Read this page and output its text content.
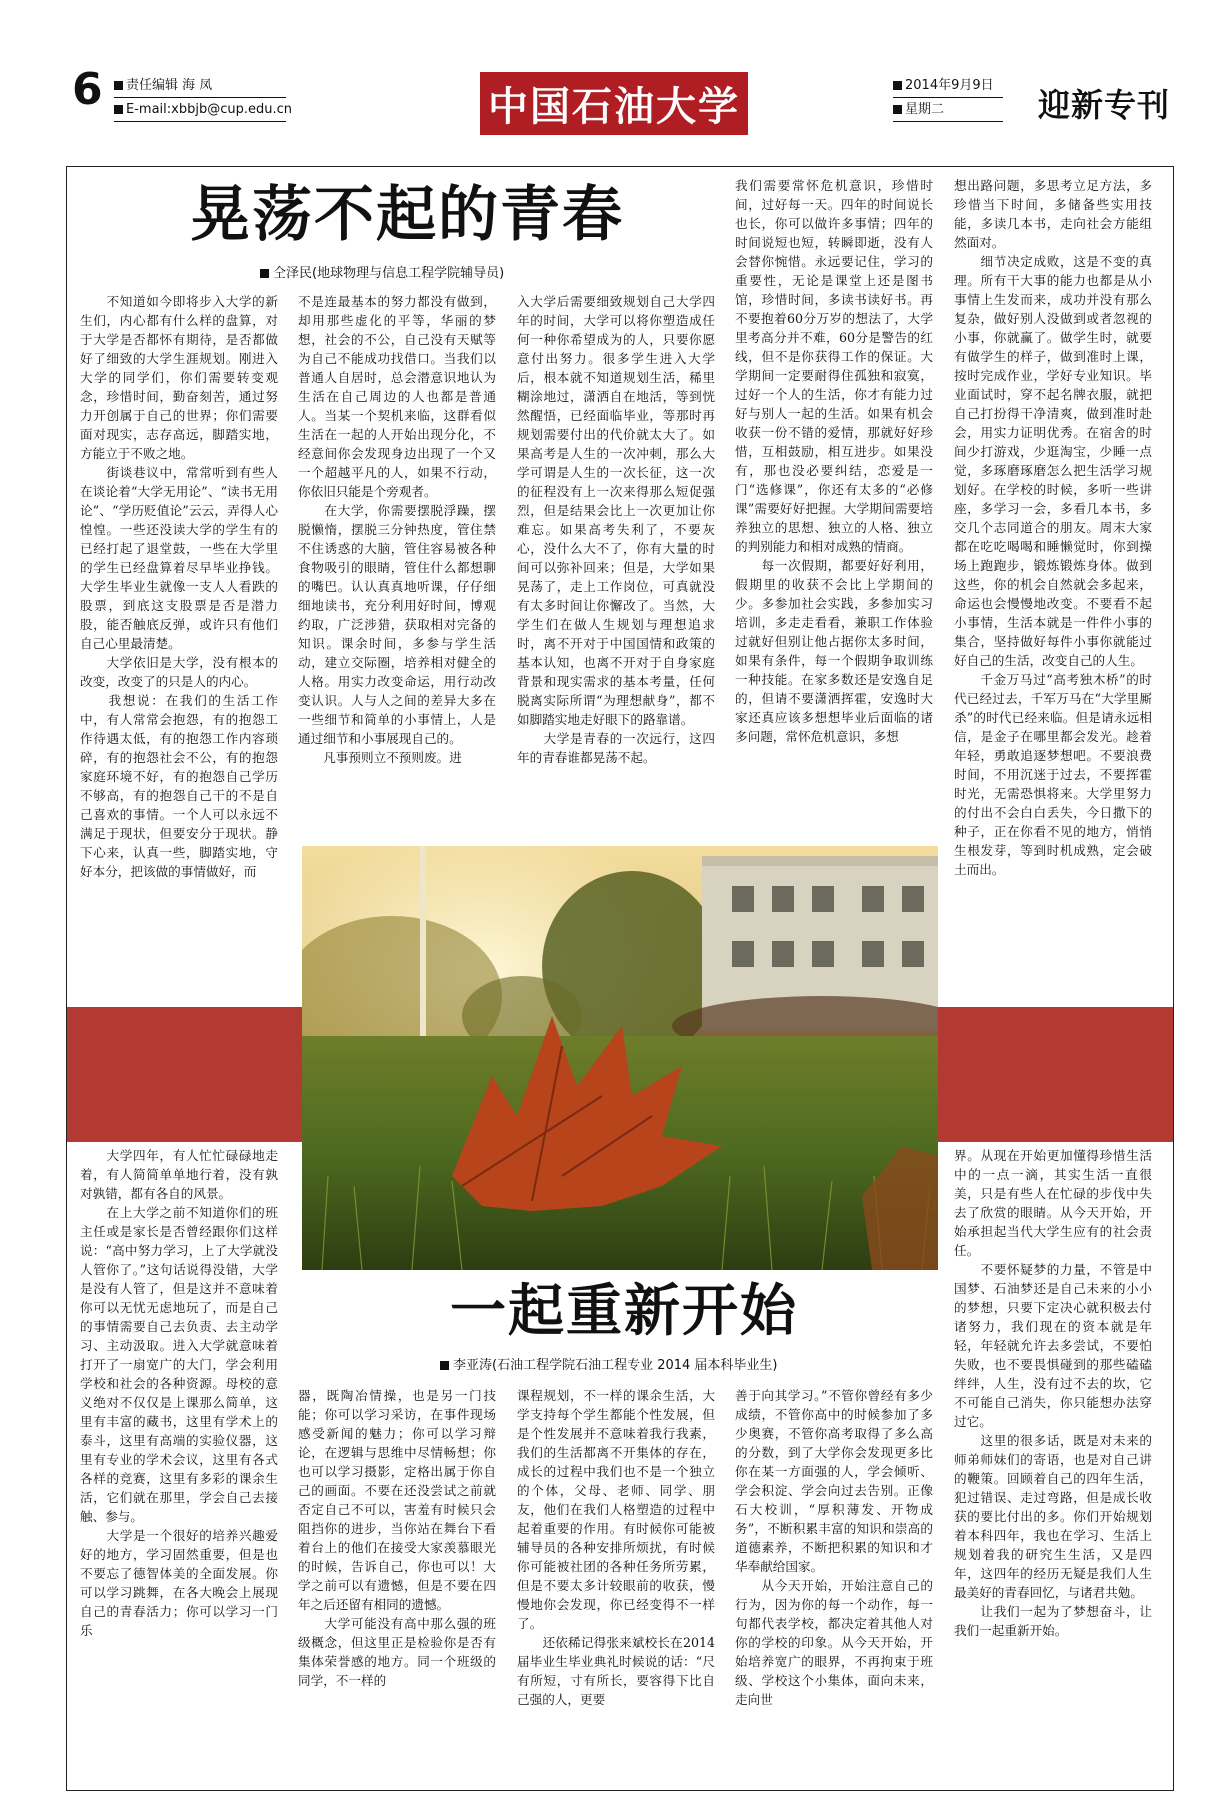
6	责任编辑 海 凤
E-mail:xbbjb@cup.edu.cn	中国石油大学	2014年9月9日
星期二	迎新专刊
晃荡不起的青春
仝泽民(地球物理与信息工程学院辅导员)
　　不知道如今即将步入大学的新生们，内心都有什么样的盘算，对于大学是否都怀有期待，是否都做好了细致的大学生涯规划。刚进入大学的同学们，你们需要转变观念，珍惜时间，勤奋刻苦，通过努力开创属于自己的世界；你们需要面对现实，志存高远，脚踏实地，方能立于不败之地。
　　街谈巷议中，常常听到有些人在谈论着“大学无用论”、“读书无用论”、“学历贬值论”云云，弄得人心惶惶。一些还没读大学的学生有的已经打起了退堂鼓，一些在大学里的学生已经盘算着尽早毕业挣钱。大学生毕业生就像一支人人看跌的股票，到底这支股票是否是潜力股，能否触底反弹，或许只有他们自己心里最清楚。
　　大学依旧是大学，没有根本的改变，改变了的只是人的内心。
　　我想说：在我们的生活工作中，有人常常会抱怨，有的抱怨工作待遇太低，有的抱怨工作内容琐碎，有的抱怨社会不公，有的抱怨家庭环境不好，有的抱怨自己学历不够高，有的抱怨自己干的不是自己喜欢的事情。一个人可以永远不满足于现状，但要安分于现状。静下心来，认真一些，脚踏实地，守好本分，把该做的事情做好，而
不是连最基本的努力都没有做到，却用那些虚化的平等，华丽的梦想，社会的不公，自己没有天赋等为自己不能成功找借口。当我们以普通人自居时，总会潜意识地认为生活在自己周边的人也都是普通人。当某一个契机来临，这群看似生活在一起的人开始出现分化，不经意间你会发现身边出现了一个又一个超越平凡的人，如果不行动，你依旧只能是个旁观者。
　　在大学，你需要摆脱浮躁，摆脱懒惰，摆脱三分钟热度，管住禁不住诱惑的大脑，管住容易被各种食物吸引的眼睛，管住什么都想聊的嘴巴。认认真真地听课，仔仔细细地读书，充分利用好时间，博观约取，广泛涉猎，获取相对完备的知识。课余时间，多参与学生活动，建立交际圈，培养相对健全的人格。用实力改变命运，用行动改变认识。人与人之间的差异大多在一些细节和简单的小事情上，人是通过细节和小事展现自己的。
　　凡事预则立不预则废。进
入大学后需要细致规划自己大学四年的时间，大学可以将你塑造成任何一种你希望成为的人，只要你愿意付出努力。很多学生进入大学后，根本就不知道规划生活，稀里糊涂地过，潇洒自在地活，等到恍然醒悟，已经面临毕业，等那时再规划需要付出的代价就太大了。如果高考是人生的一次冲刺，那么大学可谓是人生的一次长征，这一次的征程没有上一次来得那么短促强烈，但是结果会比上一次更加让你难忘。如果高考失利了，不要灰心，没什么大不了，你有大量的时间可以弥补回来；但是，大学如果晃荡了，走上工作岗位，可真就没有太多时间让你懈改了。当然，大学生们在做人生规划与理想追求时，离不开对于中国国情和政策的基本认知，也离不开对于自身家庭背景和现实需求的基本考量，任何脱离实际所谓“为理想献身”，都不如脚踏实地走好眼下的路靠谱。
　　大学是青春的一次远行，这四年的青春谁都晃荡不起。
我们需要常怀危机意识，珍惜时间，过好每一天。四年的时间说长也长，你可以做许多事情；四年的时间说短也短，转瞬即逝，没有人会替你惋惜。永远要记住，学习的重要性，无论是课堂上还是图书馆，珍惜时间，多读书读好书。再不要抱着60分万岁的想法了，大学里考高分并不难，60分是警告的红线，但不是你获得工作的保证。大学期间一定要耐得住孤独和寂寞，过好一个人的生活，你才有能力过好与别人一起的生活。如果有机会收获一份不错的爱情，那就好好珍惜，互相鼓励，相互进步。如果没有，那也没必要纠结，恋爱是一门“选修课”，你还有太多的“必修课”需要好好把握。大学期间需要培养独立的思想、独立的人格、独立的判别能力和相对成熟的情商。
　　每一次假期，都要好好利用，假期里的收获不会比上学期间的少。多参加社会实践，多参加实习培训，多走走看看，兼职工作体验过就好但别让他占据你太多时间，如果有条件，每一个假期争取训练一种技能。在家多数还是安逸自足的，但请不要潇洒挥霍，安逸时大家还真应该多想想毕业后面临的诸多问题，常怀危机意识，多想
想出路问题，多思考立足方法，多珍惜当下时间，多储备些实用技能，多读几本书，走向社会方能组然面对。
　　细节决定成败，这是不变的真理。所有干大事的能力也都是从小事情上生发而来，成功并没有那么复杂，做好别人没做到或者忽视的小事，你就赢了。做学生时，就要有做学生的样子，做到准时上课，按时完成作业，学好专业知识。毕业面试时，穿不起名牌衣服，就把自己打扮得干净清爽，做到准时赴会，用实力证明优秀。在宿舍的时间少打游戏，少逛淘宝，少睡一点觉，多琢磨琢磨怎么把生活学习规划好。在学校的时候，多听一些讲座，多学习一会，多看几本书，多交几个志同道合的朋友。周末大家都在吃吃喝喝和睡懒觉时，你到操场上跑跑步，锻炼锻炼身体。做到这些，你的机会自然就会多起来，命运也会慢慢地改变。不要看不起小事情，生活本就是一件件小事的集合，坚持做好每件小事你就能过好自己的生活，改变自己的人生。
　　千金万马过“高考独木桥”的时代已经过去，千军万马在“大学里厮杀”的时代已经来临。但是请永远相信，是金子在哪里都会发光。趁着年轻，勇敢追逐梦想吧。不要浪费时间，不用沉迷于过去，不要挥霍时光，无需恐惧将来。大学里努力的付出不会白白丢失，今日撒下的种子，正在你看不见的地方，悄悄生根发芽，等到时机成熟，定会破土而出。
　　大学四年，有人忙忙碌碌地走着，有人简简单单地行着，没有孰对孰错，都有各自的风景。
　　在上大学之前不知道你们的班主任或是家长是否曾经跟你们这样说：“高中努力学习，上了大学就没人管你了。”这句话说得没错，大学是没有人管了，但是这并不意味着你可以无忧无虑地玩了，而是自己的事情需要自己去负责、去主动学习、主动汲取。进入大学就意味着打开了一扇宽广的大门，学会利用学校和社会的各种资源。母校的意义绝对不仅仅是上课那么简单，这里有丰富的藏书，这里有学术上的泰斗，这里有高端的实验仪器，这里有专业的学术会议，这里有各式各样的竞赛，这里有多彩的课余生活，它们就在那里，学会自己去接触、参与。
　　大学是一个很好的培养兴趣爱好的地方，学习固然重要，但是也不要忘了德智体美的全面发展。你可以学习跳舞，在各大晚会上展现自己的青春活力；你可以学习一门乐
一起重新开始
李亚涛(石油工程学院石油工程专业 2014 届本科毕业生)
器，既陶冶情操，也是另一门技能；你可以学习采访，在事件现场感受新闻的魅力；你可以学习辩论，在逻辑与思维中尽情畅想；你也可以学习摄影，定格出属于你自己的画面。不要在还没尝试之前就否定自己不可以，害羞有时候只会阻挡你的进步，当你站在舞台下看着台上的他们在接受大家羡慕眼光的时候，告诉自己，你也可以！大学之前可以有遗憾，但是不要在四年之后还留有相同的遗憾。
　　大学可能没有高中那么强的班级概念，但这里正是检验你是否有集体荣誉感的地方。同一个班级的同学，不一样的
课程规划，不一样的课余生活，大学支持每个学生都能个性发展，但是个性发展并不意味着我行我素，我们的生活都离不开集体的存在，成长的过程中我们也不是一个独立的个体，父母、老师、同学、朋友，他们在我们人格塑造的过程中起着重要的作用。有时候你可能被辅导员的各种安排所烦扰，有时候你可能被社团的各种任务所劳累，但是不要太多计较眼前的收获，慢慢地你会发现，你已经变得不一样了。
　　还依稀记得张来斌校长在2014届毕业生毕业典礼时候说的话：“尺有所短，寸有所长，要容得下比自己强的人，更要
善于向其学习。”不管你曾经有多少成绩，不管你高中的时候参加了多少奥赛，不管你高考取得了多么高的分数，到了大学你会发现更多比你在某一方面强的人，学会倾听、学会积淀、学会向过去告别。正像石大校训，“厚积薄发、开物成务”，不断积累丰富的知识和崇高的道德素养，不断把积累的知识和才华奉献给国家。
　　从今天开始，开始注意自己的行为，因为你的每一个动作，每一句都代表学校，都决定着其他人对你的学校的印象。从今天开始，开始培养宽广的眼界，不再拘束于班级、学校这个小集体，面向未来，走向世
界。从现在开始更加懂得珍惜生活中的一点一滴，其实生活一直很美，只是有些人在忙碌的步伐中失去了欣赏的眼睛。从今天开始，开始承担起当代大学生应有的社会责任。
　　不要怀疑梦的力量，不管是中国梦、石油梦还是自己未来的小小的梦想，只要下定决心就积极去付诸努力，我们现在的资本就是年轻，年轻就允许去多尝试，不要怕失败，也不要畏惧碰到的那些磕磕绊绊，人生，没有过不去的坎，它不可能自己消失，你只能想办法穿过它。
　　这里的很多话，既是对未来的师弟师妹们的寄语，也是对自己讲的鞭策。回顾着自己的四年生活，犯过错误、走过弯路，但是成长收获的要比付出的多。你们开始规划着本科四年，我也在学习、生活上规划着我的研究生生活，又是四年，这四年的经历无疑是我们人生最美好的青春回忆，与诸君共勉。
　　让我们一起为了梦想奋斗，让我们一起重新开始。
